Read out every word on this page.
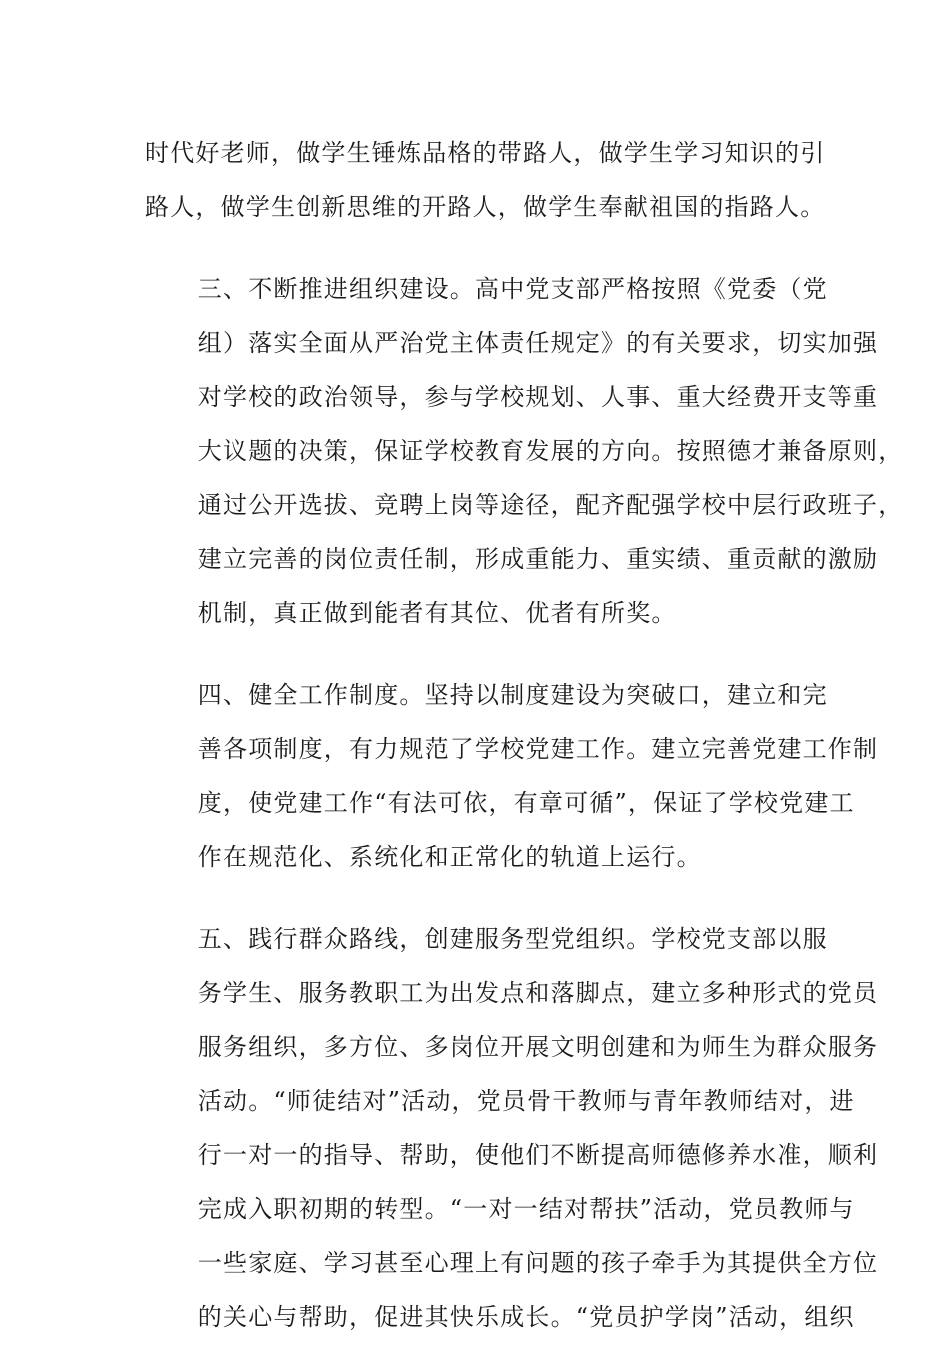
时代好老师，做学生锤炼品格的带路人，做学生学习知识的引
路人，做学生创新思维的开路人，做学生奉献祖国的指路人。
三、不断推进组织建设。高中党支部严格按照《党委（党
组）落实全面从严治党主体责任规定》的有关要求，切实加强
对学校的政治领导，参与学校规划、人事、重大经费开支等重
大议题的决策，保证学校教育发展的方向。按照德才兼备原则，
通过公开选拔、竞聘上岗等途径，配齐配强学校中层行政班子，
建立完善的岗位责任制，形成重能力、重实绩、重贡献的激励
机制，真正做到能者有其位、优者有所奖。
四、健全工作制度。坚持以制度建设为突破口，建立和完
善各项制度，有力规范了学校党建工作。建立完善党建工作制
度，使党建工作“有法可依，有章可循”，保证了学校党建工
作在规范化、系统化和正常化的轨道上运行。
五、践行群众路线，创建服务型党组织。学校党支部以服
务学生、服务教职工为出发点和落脚点，建立多种形式的党员
服务组织，多方位、多岗位开展文明创建和为师生为群众服务
活动。“师徒结对”活动，党员骨干教师与青年教师结对，进
行一对一的指导、帮助，使他们不断提高师德修养水准，顺利
完成入职初期的转型。“一对一结对帮扶”活动，党员教师与
一些家庭、学习甚至心理上有问题的孩子牵手为其提供全方位
的关心与帮助，促进其快乐成长。“党员护学岗”活动，组织
